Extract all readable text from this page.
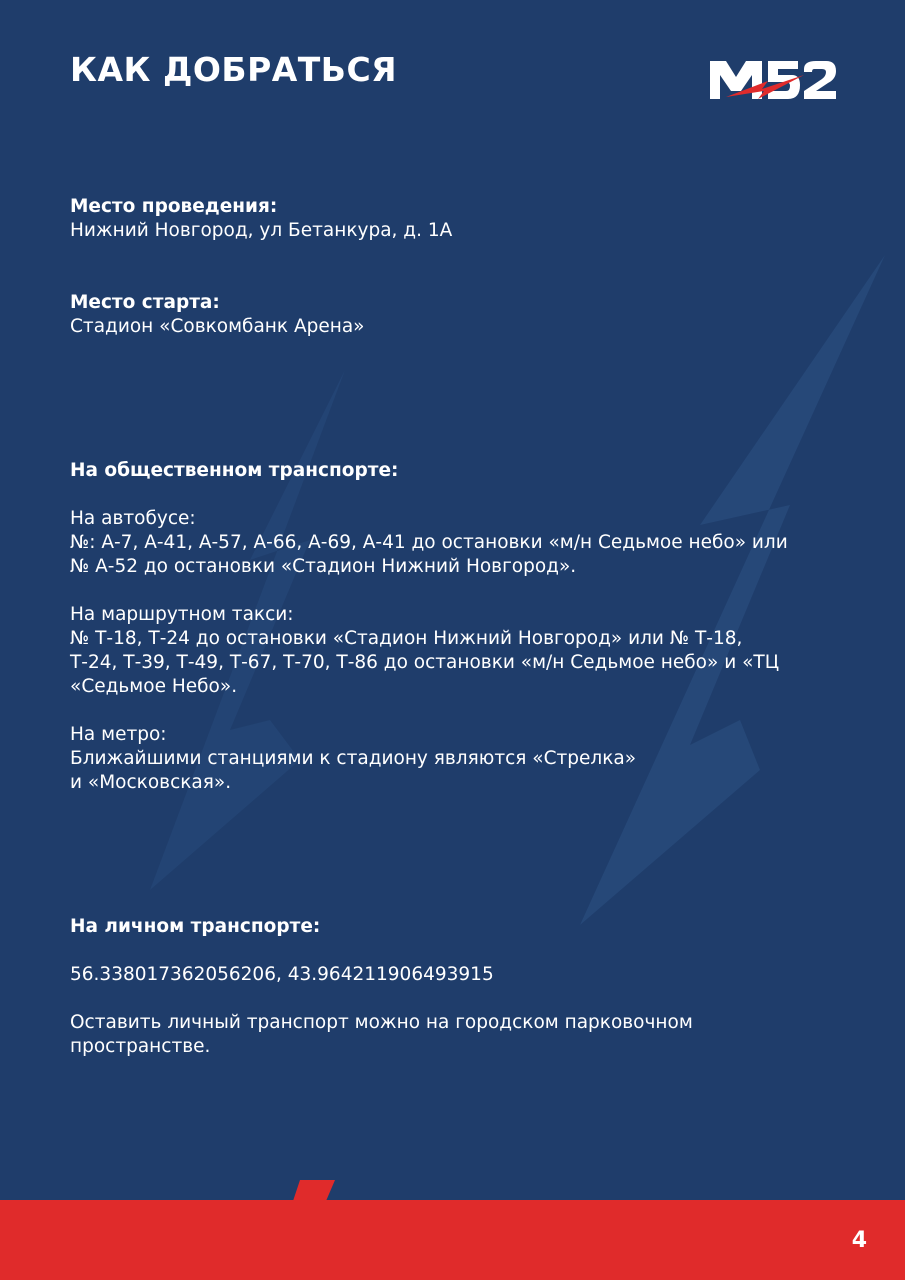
КАК ДОБРАТЬСЯ

Место проведения:

Нижний Новгород, ул Бетанкура, д. 1А

Место старта:

Стадион «Совкомбанк Арена»

На общественном транспорте:

На автобусе:

№: А-7, А-41, А-57, А-66, А-69, А-41 до остановки «м/н Седьмое небо» или

№ А-52 до остановки «Стадион Нижний Новгород».

На маршрутном такси:

№ Т-18, Т-24 до остановки «Стадион Нижний Новгород» или № Т-18,

Т-24, Т-39, Т-49, Т-67, Т-70, Т-86 до остановки «м/н Седьмое небо» и «ТЦ

«Седьмое Небо».

На метро:

Ближайшими станциями к стадиону являются «Стрелка»

и «Московская».

На личном транспорте:

56.338017362056206, 43.964211906493915

Оставить личный транспорт можно на городском парковочном

пространстве.

4
